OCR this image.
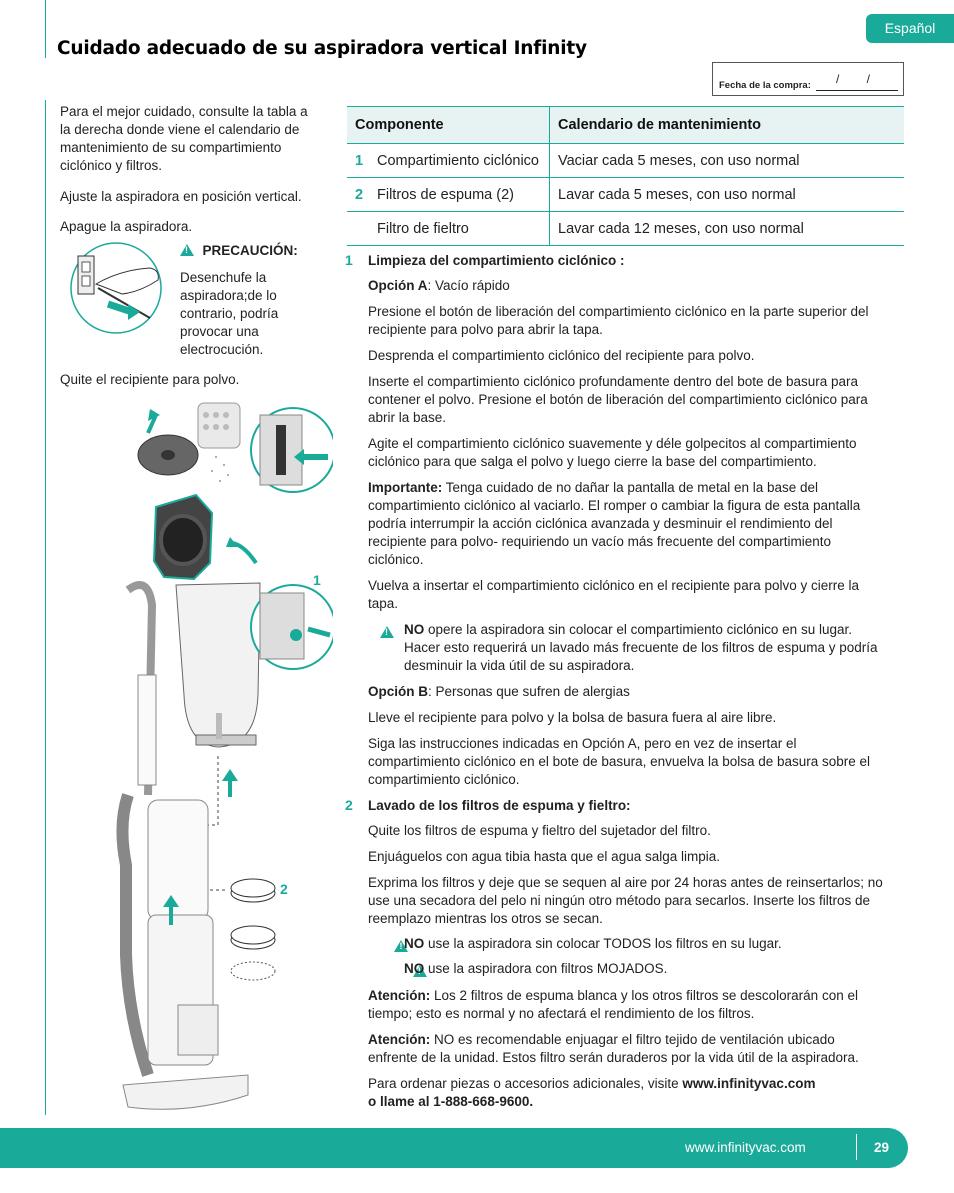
Español
Cuidado adecuado de su aspiradora vertical Infinity
Fecha de la compra: / /
Para el mejor cuidado, consulte la tabla a la derecha donde viene el calendario de mantenimiento de su compartimiento ciclónico y filtros.
Ajuste la aspiradora en posición vertical.
Apague la aspiradora.
! PRECAUCIÓN:
Desenchufe la aspiradora;de lo contrario, podría provocar una electrocución.
Quite el recipiente para polvo.
1
2
Componente	Calendario de mantenimiento
1 Compartimiento ciclónico	Vaciar cada 5 meses, con uso normal
2 Filtros de espuma (2)	Lavar cada 5 meses, con uso normal
Filtro de fieltro	Lavar cada 12 meses, con uso normal
1 Limpieza del compartimiento ciclónico :
Opción A: Vacío rápido
Presione el botón de liberación del compartimiento ciclónico en la parte superior del recipiente para polvo para abrir la tapa.
Desprenda el compartimiento ciclónico del recipiente para polvo.
Inserte el compartimiento ciclónico profundamente dentro del bote de basura para contener el polvo. Presione el botón de liberación del compartimiento ciclónico para abrir la base.
Agite el compartimiento ciclónico suavemente y déle golpecitos al compartimiento ciclónico para que salga el polvo y luego cierre la base del compartimiento.
Importante: Tenga cuidado de no dañar la pantalla de metal en la base del compartimiento ciclónico al vaciarlo. El romper o cambiar la figura de esta pantalla podría interrumpir la acción ciclónica avanzada y desminuir el rendimiento del recipiente para polvo- requiriendo un vacío más frecuente del compartimiento ciclónico.
Vuelva a insertar el compartimiento ciclónico en el recipiente para polvo y cierre la tapa.
!
NO opere la aspiradora sin colocar el compartimiento ciclónico en su lugar. Hacer esto requerirá un lavado más frecuente de los filtros de espuma y podría desminuir la vida útil de su aspiradora.
Opción B: Personas que sufren de alergias
Lleve el recipiente para polvo y la bolsa de basura fuera al aire libre.
Siga las instrucciones indicadas en Opción A, pero en vez de insertar el compartimiento ciclónico en el bote de basura, envuelva la bolsa de basura sobre el compartimiento ciclónico.
2 Lavado de los filtros de espuma y fieltro:
Quite los filtros de espuma y fieltro del sujetador del filtro.
Enjuáguelos con agua tibia hasta que el agua salga limpia.
Exprima los filtros y deje que se sequen al aire por 24 horas antes de reinsertarlos; no use una secadora del pelo ni ningún otro método para secarlos. Inserte los filtros de reemplazo mientras los otros se secan.
!
NO use la aspiradora sin colocar TODOS los filtros en su lugar.
!
NO use la aspiradora con filtros MOJADOS.
Atención: Los 2 filtros de espuma blanca y los otros filtros se descolorarán con el tiempo; esto es normal y no afectará el rendimiento de los filtros.
Atención: NO es recomendable enjuagar el filtro tejido de ventilación ubicado enfrente de la unidad. Estos filtro serán duraderos por la vida útil de la aspiradora.
Para ordenar piezas o accesorios adicionales, visite www.infinityvac.com
o llame al 1-888-668-9600.
www.infinityvac.com	29
